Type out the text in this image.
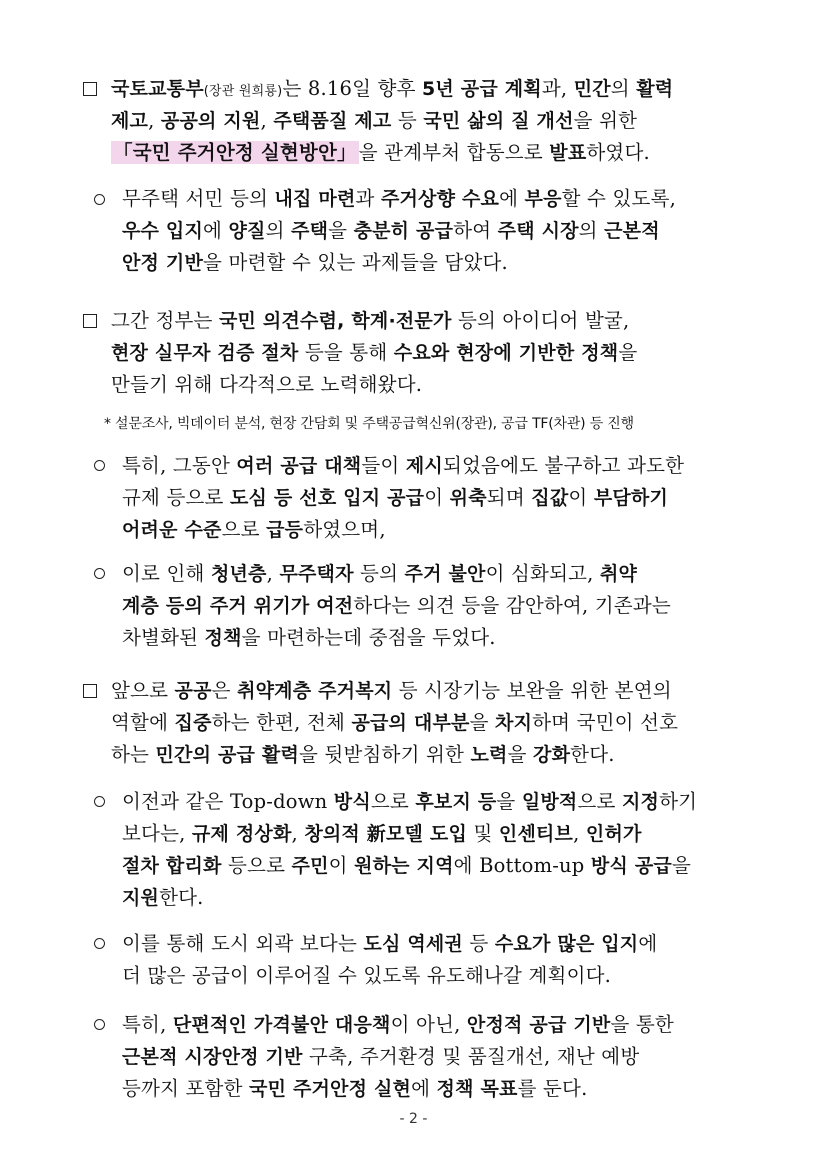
국토교통부(장관 원희룡)는 8.16일 향후 5년 공급 계획과, 민간의 활력
제고, 공공의 지원, 주택품질 제고 등 국민 삶의 질 개선을 위한
「국민 주거안정 실현방안」 을 관계부처 합동으로 발표하였다.
무주택 서민 등의 내집 마련과 주거상향 수요에 부응할 수 있도록,
우수 입지에 양질의 주택을 충분히 공급하여 주택 시장의 근본적
안정 기반을 마련할 수 있는 과제들을 담았다.
그간 정부는 국민 의견수렴, 학계·전문가 등의 아이디어 발굴,
현장 실무자 검증 절차 등을 통해 수요와 현장에 기반한 정책을
만들기 위해 다각적으로 노력해왔다.
* 설문조사, 빅데이터 분석, 현장 간담회 및 주택공급혁신위(장관), 공급 TF(차관) 등 진행
특히, 그동안 여러 공급 대책들이 제시되었음에도 불구하고 과도한
규제 등으로 도심 등 선호 입지 공급이 위축되며 집값이 부담하기
어려운 수준으로 급등하였으며,
이로 인해 청년층, 무주택자 등의 주거 불안이 심화되고, 취약
계층 등의 주거 위기가 여전하다는 의견 등을 감안하여, 기존과는
차별화된 정책을 마련하는데 중점을 두었다.
앞으로 공공은 취약계층 주거복지 등 시장기능 보완을 위한 본연의
역할에 집중하는 한편, 전체 공급의 대부분을 차지하며 국민이 선호
하는 민간의 공급 활력을 뒷받침하기 위한 노력을 강화한다.
이전과 같은 Top-down 방식으로 후보지 등을 일방적으로 지정하기
보다는, 규제 정상화, 창의적 新모델 도입 및 인센티브, 인허가
절차 합리화 등으로 주민이 원하는 지역에 Bottom-up 방식 공급을
지원한다.
이를 통해 도시 외곽 보다는 도심 역세권 등 수요가 많은 입지에
더 많은 공급이 이루어질 수 있도록 유도해나갈 계획이다.
특히, 단편적인 가격불안 대응책이 아닌, 안정적 공급 기반을 통한
근본적 시장안정 기반 구축, 주거환경 및 품질개선, 재난 예방
등까지 포함한 국민 주거안정 실현에 정책 목표를 둔다.
- 2 -
